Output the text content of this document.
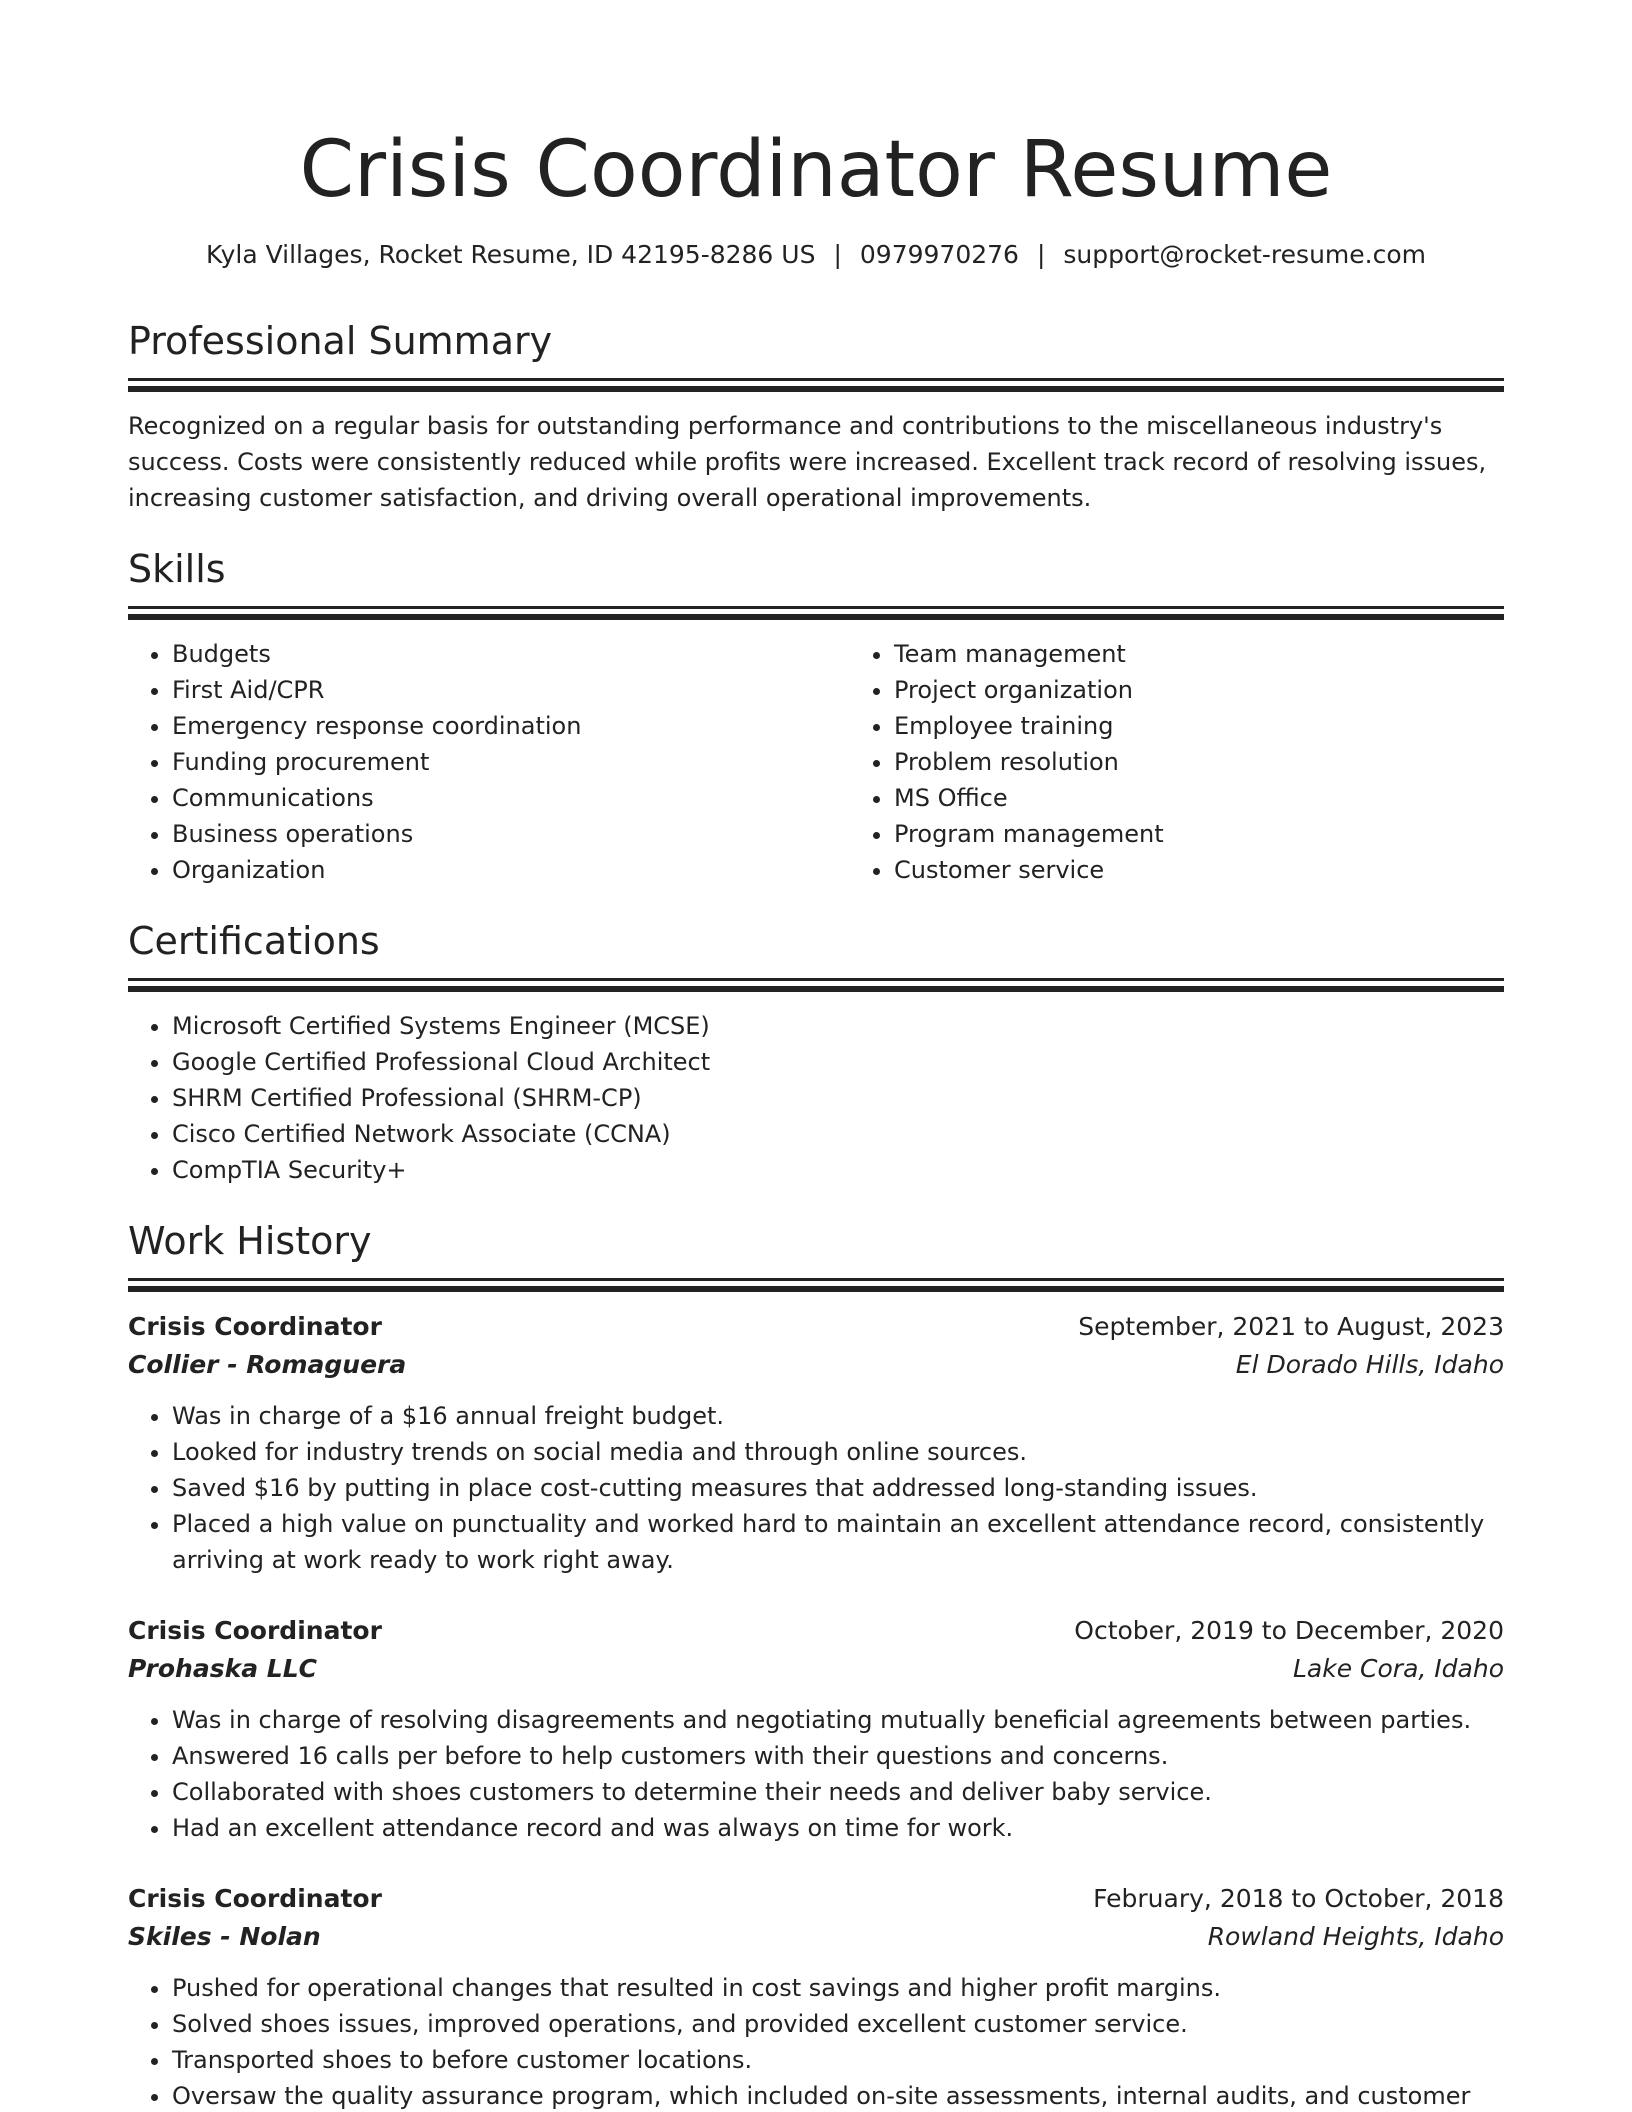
Crisis Coordinator Resume
Kyla Villages, Rocket Resume, ID 42195-8286 US | 0979970276 | support@rocket-resume.com
Professional Summary

Recognized on a regular basis for outstanding performance and contributions to the miscellaneous industry's success. Costs were consistently reduced while profits were increased. Excellent track record of resolving issues, increasing customer satisfaction, and driving overall operational improvements.

Skills
• Budgets
• First Aid/CPR
• Emergency response coordination
• Funding procurement
• Communications
• Business operations
• Organization
• Team management
• Project organization
• Employee training
• Problem resolution
• MS Office
• Program management
• Customer service
Certifications
• Microsoft Certified Systems Engineer (MCSE)
• Google Certified Professional Cloud Architect
• SHRM Certified Professional (SHRM-CP)
• Cisco Certified Network Associate (CCNA)
• CompTIA Security+
Work History
Crisis Coordinator	September, 2021 to August, 2023
Collier - Romaguera	El Dorado Hills, Idaho
• Was in charge of a $16 annual freight budget.
• Looked for industry trends on social media and through online sources.
• Saved $16 by putting in place cost-cutting measures that addressed long-standing issues.
• Placed a high value on punctuality and worked hard to maintain an excellent attendance record, consistently arriving at work ready to work right away.
Crisis Coordinator	October, 2019 to December, 2020
Prohaska LLC	Lake Cora, Idaho
• Was in charge of resolving disagreements and negotiating mutually beneficial agreements between parties.
• Answered 16 calls per before to help customers with their questions and concerns.
• Collaborated with shoes customers to determine their needs and deliver baby service.
• Had an excellent attendance record and was always on time for work.
Crisis Coordinator	February, 2018 to October, 2018
Skiles - Nolan	Rowland Heights, Idaho
• Pushed for operational changes that resulted in cost savings and higher profit margins.
• Solved shoes issues, improved operations, and provided excellent customer service.
• Transported shoes to before customer locations.
• Oversaw the quality assurance program, which included on-site assessments, internal audits, and customer
